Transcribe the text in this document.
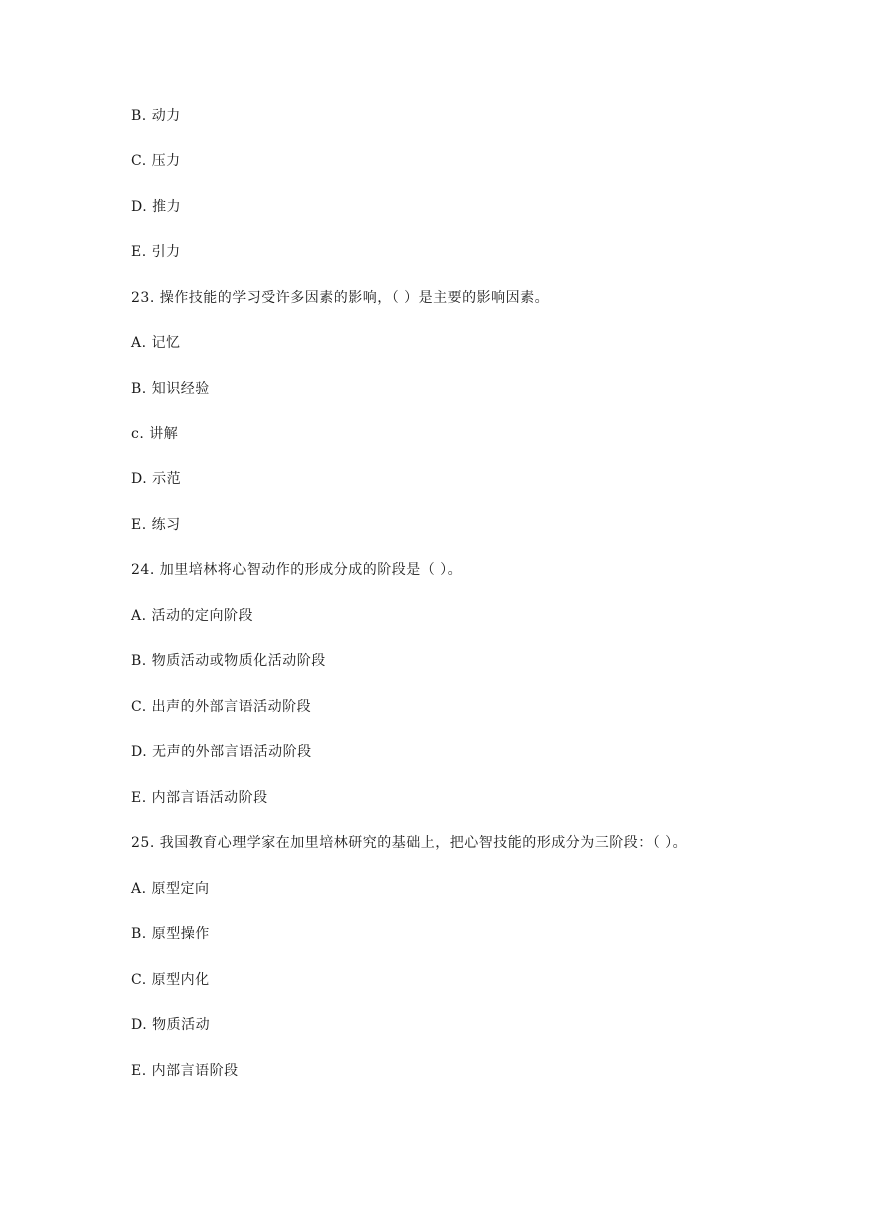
B. 动力
C. 压力
D. 推力
E. 引力
23. 操作技能的学习受许多因素的影响，（ ）是主要的影响因素。
A. 记忆
B. 知识经验
c. 讲解
D. 示范
E. 练习
24. 加里培林将心智动作的形成分成的阶段是（ ）。
A. 活动的定向阶段
B. 物质活动或物质化活动阶段
C. 出声的外部言语活动阶段
D. 无声的外部言语活动阶段
E. 内部言语活动阶段
25. 我国教育心理学家在加里培林研究的基础上，把心智技能的形成分为三阶段：（ ）。
A. 原型定向
B. 原型操作
C. 原型内化
D. 物质活动
E. 内部言语阶段
